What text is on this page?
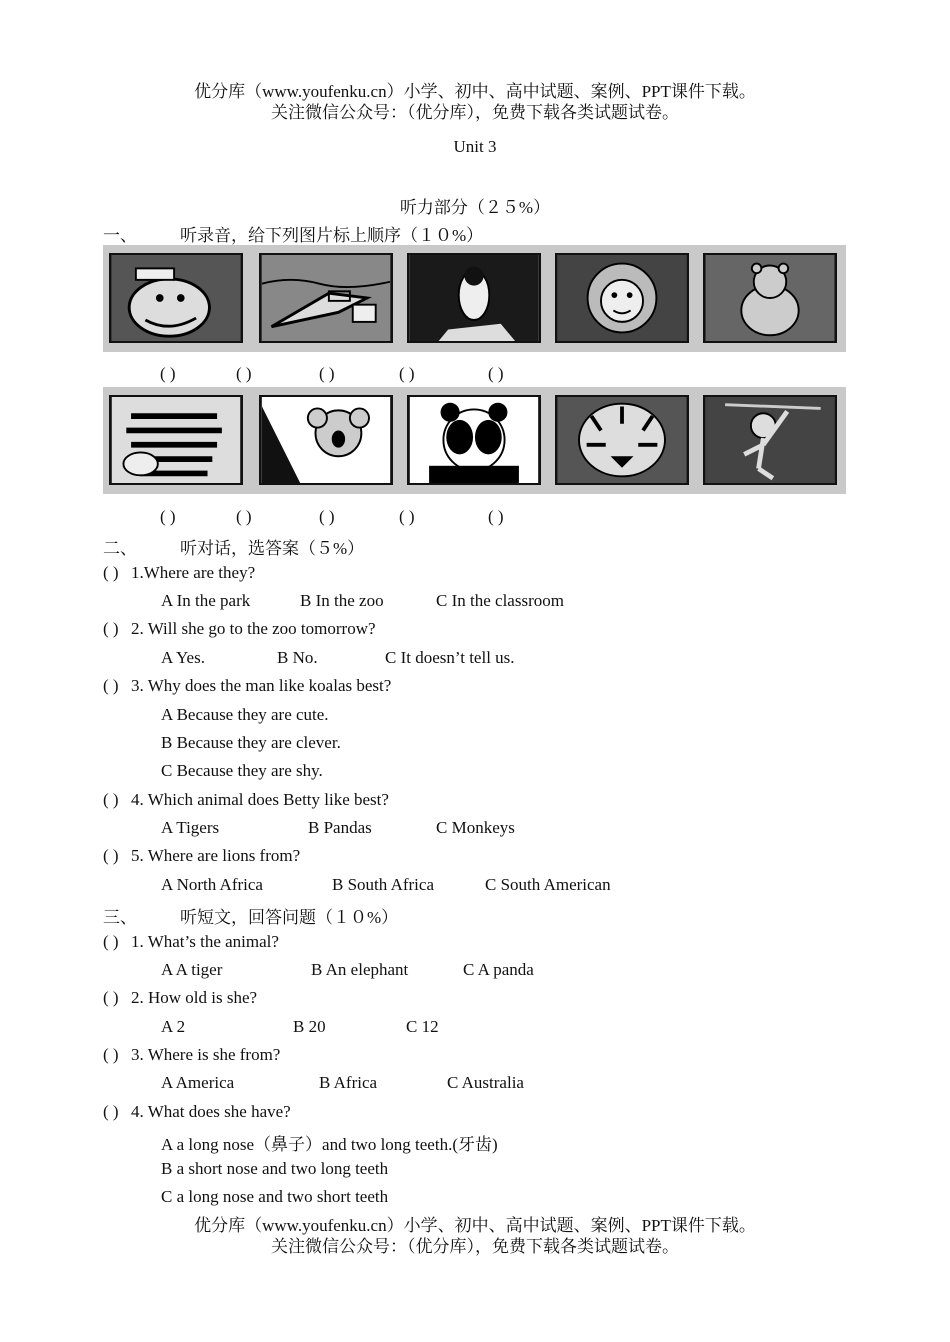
优分库（www.youfenku.cn）小学、初中、高中试题、案例、PPT课件下载。
关注微信公众号：（优分库），免费下载各类试题试卷。
Unit 3
听力部分（２５%）
一、	听录音，给下列图片标上顺序（１０%）
( )	( )	( )	( )	( )
( )	( )	( )	( )	( )
二、	听对话，选答案（５%）
( ) 1.Where are they?
A In the park	B In the zoo	C In the classroom
( ) 2. Will she go to the zoo tomorrow?
A Yes.	B No.	C It doesn’t tell us.
( ) 3. Why does the man like koalas best?
A Because they are cute.
B Because they are clever.
C Because they are shy.
( ) 4. Which animal does Betty like best?
A Tigers	B Pandas	C Monkeys
( ) 5. Where are lions from?
A North Africa	B South Africa	C South American
三、	听短文，回答问题（１０%）
( ) 1. What’s the animal?
A A tiger	B An elephant	C A panda
( ) 2. How old is she?
A 2	B 20	C 12
( ) 3. Where is she from?
A America	B Africa	C Australia
( ) 4. What does she have?
A a long nose（鼻子）and two long teeth.(牙齿)
B a short nose and two long teeth
C a long nose and two short teeth
优分库（www.youfenku.cn）小学、初中、高中试题、案例、PPT课件下载。
关注微信公众号：（优分库），免费下载各类试题试卷。
